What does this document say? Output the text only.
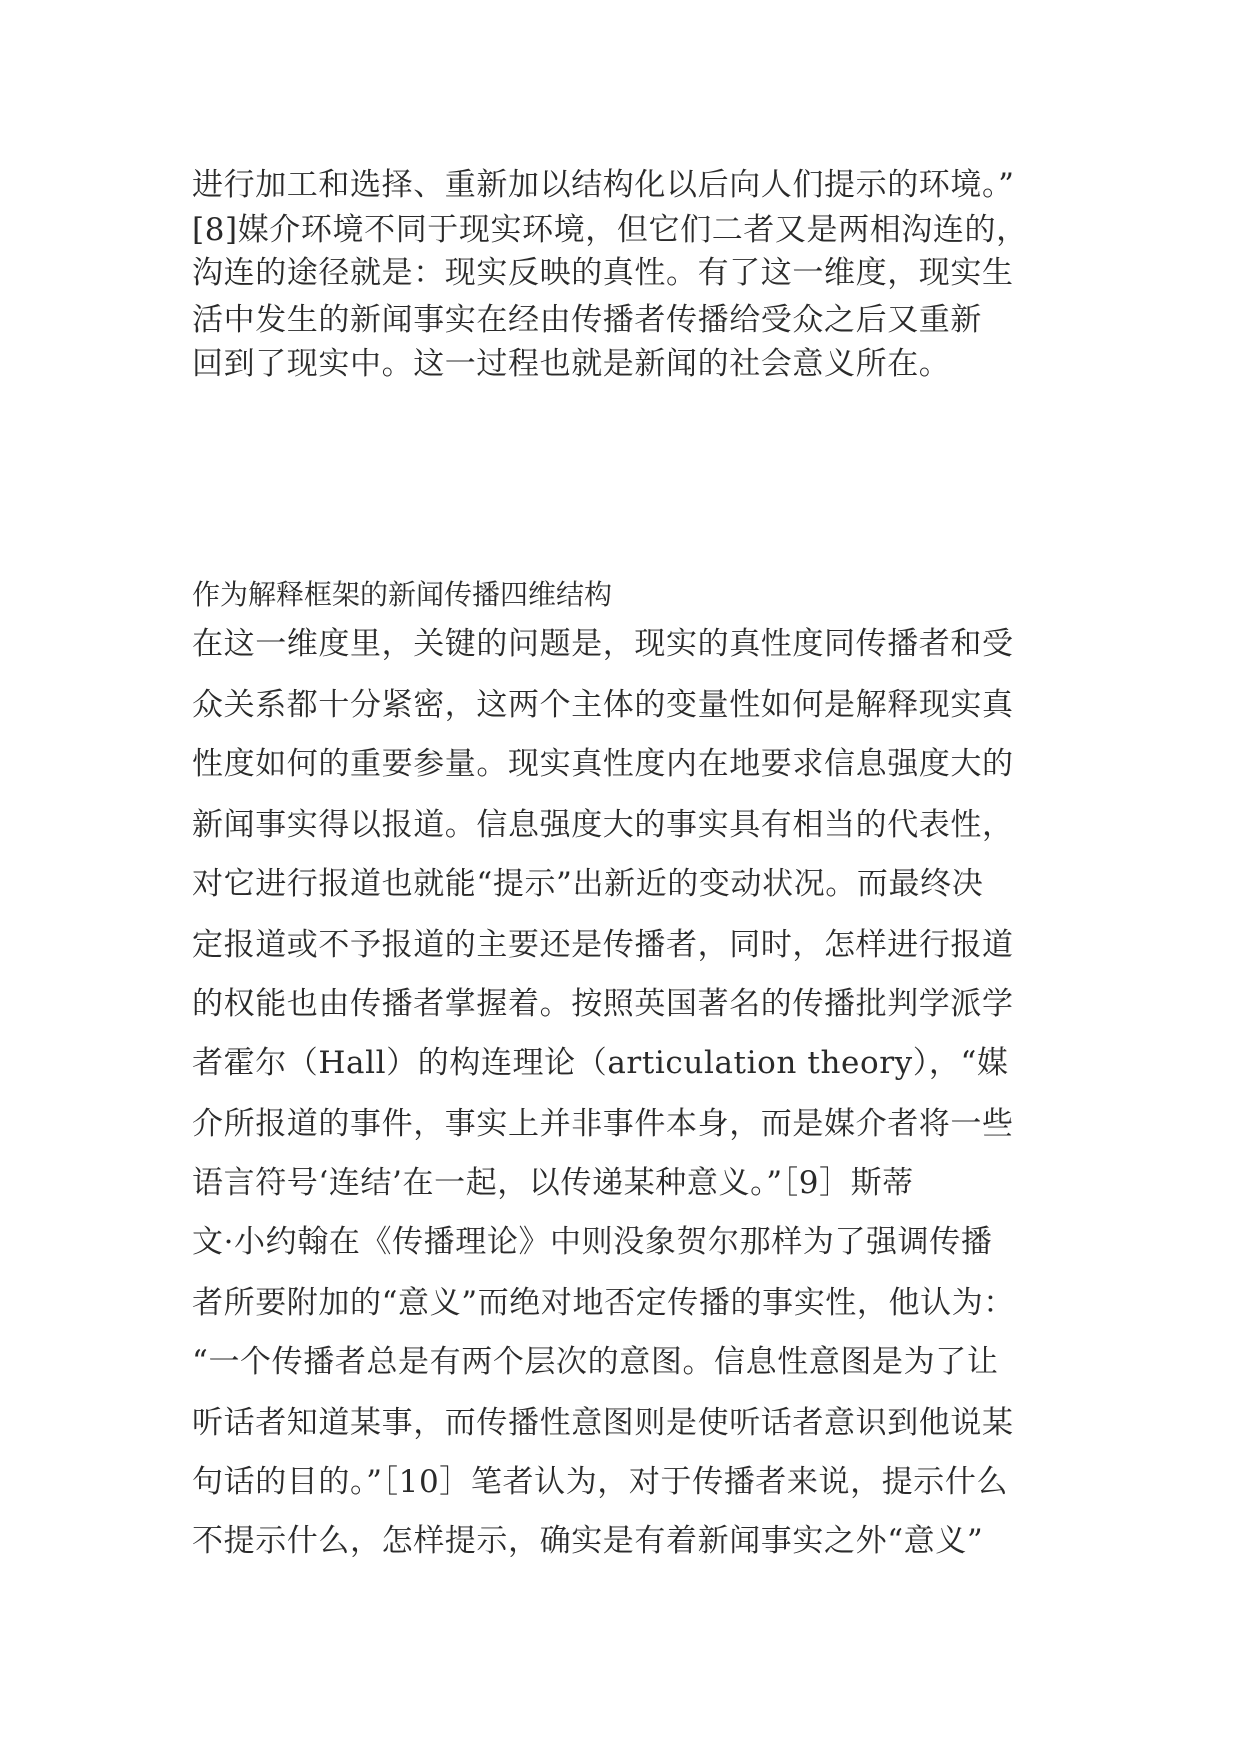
进行加工和选择、重新加以结构化以后向人们提示的环境。”
[8]媒介环境不同于现实环境，但它们二者又是两相沟连的，
沟连的途径就是：现实反映的真性。有了这一维度，现实生
活中发生的新闻事实在经由传播者传播给受众之后又重新
回到了现实中。这一过程也就是新闻的社会意义所在。
作为解释框架的新闻传播四维结构
在这一维度里，关键的问题是，现实的真性度同传播者和受
众关系都十分紧密，这两个主体的变量性如何是解释现实真
性度如何的重要参量。现实真性度内在地要求信息强度大的
新闻事实得以报道。信息强度大的事实具有相当的代表性，
对它进行报道也就能“提示”出新近的变动状况。而最终决
定报道或不予报道的主要还是传播者，同时，怎样进行报道
的权能也由传播者掌握着。按照英国著名的传播批判学派学
者霍尔（Hall）的构连理论（articulation theory），“媒
介所报道的事件，事实上并非事件本身，而是媒介者将一些
语言符号‘连结’在一起，以传递某种意义。”［9］斯蒂
文·小约翰在《传播理论》中则没象贺尔那样为了强调传播
者所要附加的“意义”而绝对地否定传播的事实性，他认为：
“一个传播者总是有两个层次的意图。信息性意图是为了让
听话者知道某事，而传播性意图则是使听话者意识到他说某
句话的目的。”［10］笔者认为，对于传播者来说，提示什么
不提示什么，怎样提示，确实是有着新闻事实之外“意义”
